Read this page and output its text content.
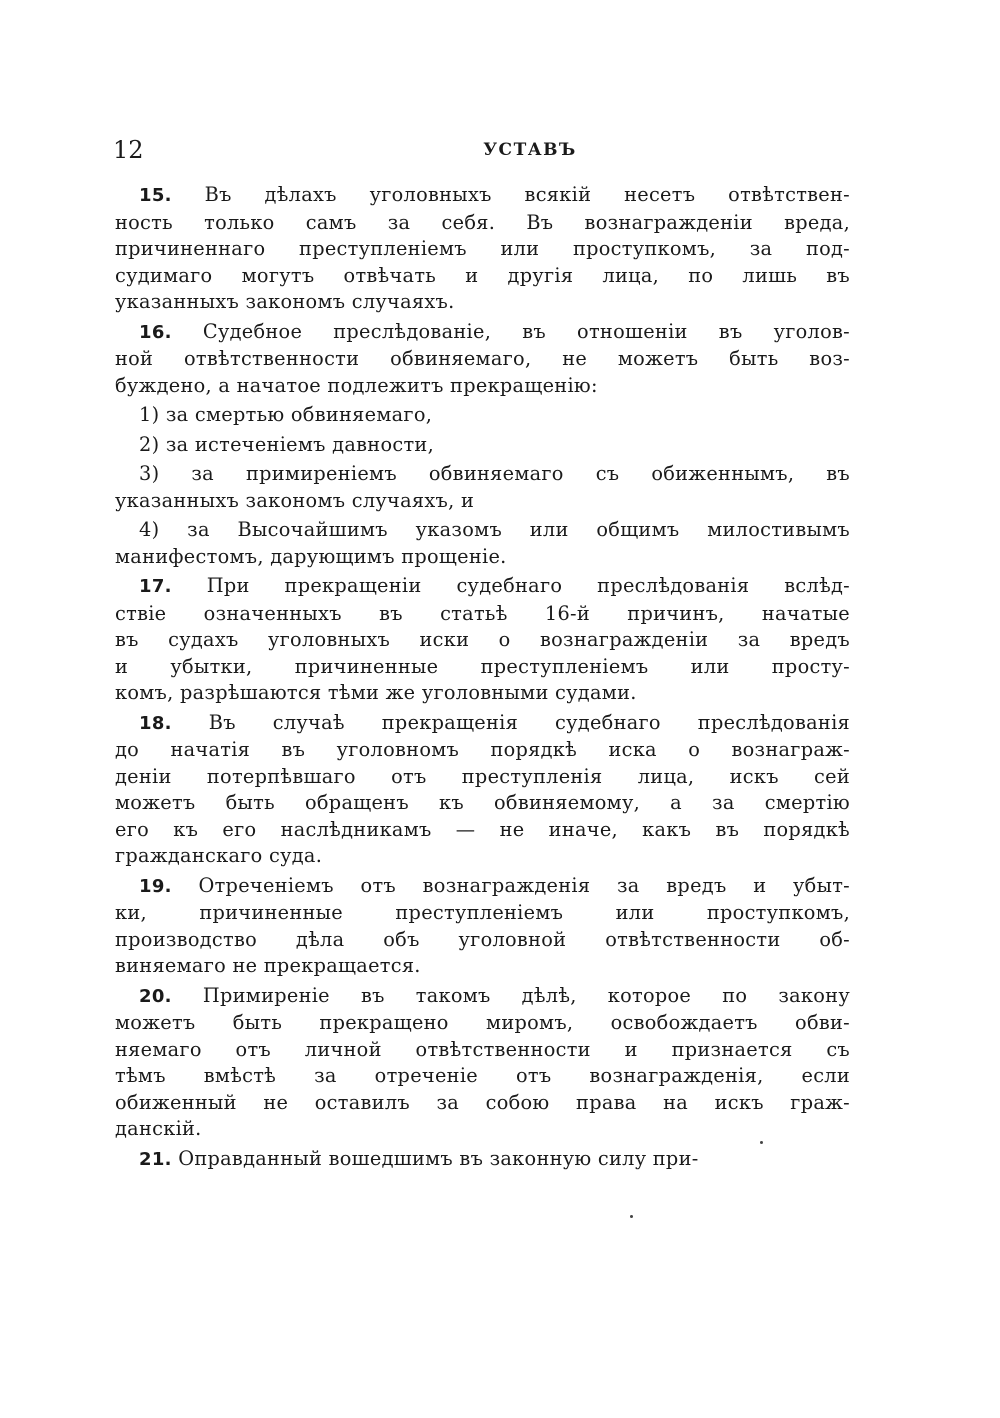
12	УСТАВЪ
15. Въ дѣлахъ уголовныхъ всякій несетъ отвѣтствен-
ность только самъ за себя. Въ вознагражденіи вреда,
причиненнаго преступленіемъ или проступкомъ, за под-
судимаго могутъ отвѣчать и другія лица, по лишь въ
указанныхъ закономъ случаяхъ.
16. Судебное преслѣдованіе, въ отношеніи въ уголов-
ной отвѣтственности обвиняемаго, не можетъ быть воз-
буждено, а начатое подлежитъ прекращенію:
1) за смертью обвиняемаго,
2) за истеченіемъ давности,
3) за примиреніемъ обвиняемаго съ обиженнымъ, въ
указанныхъ закономъ случаяхъ, и
4) за Высочайшимъ указомъ или общимъ милостивымъ
манифестомъ, дарующимъ прощеніе.
17. При прекращеніи судебнаго преслѣдованія вслѣд-
ствіе означенныхъ въ статьѣ 16-й причинъ, начатые
въ судахъ уголовныхъ иски о вознагражденіи за вредъ
и убытки, причиненные преступленіемъ или просту-
комъ, разрѣшаются тѣми же уголовными судами.
18. Въ случаѣ прекращенія судебнаго преслѣдованія
до начатія въ уголовномъ порядкѣ иска о вознаграж-
деніи потерпѣвшаго отъ преступленія лица, искъ сей
можетъ быть обращенъ къ обвиняемому, а за смертію
его къ его наслѣдникамъ — не иначе, какъ въ порядкѣ
гражданскаго суда.
19. Отреченіемъ отъ вознагражденія за вредъ и убыт-
ки, причиненные преступленіемъ или проступкомъ,
производство дѣла объ уголовной отвѣтственности об-
виняемаго не прекращается.
20. Примиреніе въ такомъ дѣлѣ, которое по закону
можетъ быть прекращено миромъ, освобождаетъ обви-
няемаго отъ личной отвѣтственности и признается съ
тѣмъ вмѣстѣ за отреченіе отъ вознагражденія, если
обиженный не оставилъ за собою права на искъ граж-
данскій.
21. Оправданный вошедшимъ въ законную силу при-
